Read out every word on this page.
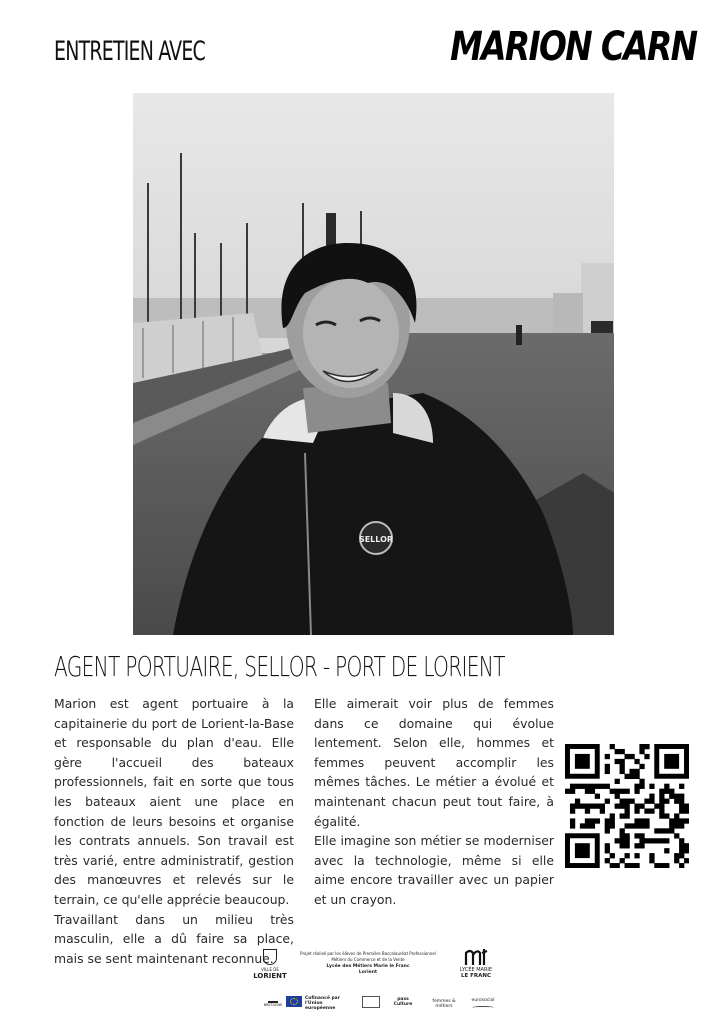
ENTRETIEN AVEC	MARION CARN
SELLOR
AGENT PORTUAIRE, SELLOR - PORT DE LORIENT

Marion est agent portuaire à la capitainerie du port de Lorient-la-Base et responsable du plan d'eau. Elle gère l'accueil des bateaux professionnels, fait en sorte que tous les bateaux aient une place en fonction de leurs besoins et organise les contrats annuels. Son travail est très varié, entre administratif, gestion des manœuvres et relevés sur le terrain, ce qu'elle apprécie beaucoup.

Travaillant dans un milieu très masculin, elle a dû faire sa place, mais se sent maintenant reconnue.

Elle aimerait voir plus de femmes dans ce domaine qui évolue lentement. Selon elle, hommes et femmes peuvent accomplir les mêmes tâches. Le métier a évolué et maintenant chacun peut tout faire, à égalité.

Elle imagine son métier se moderniser avec la technologie, même si elle aime encore travailler avec un papier et un crayon.

VILLE DE
LORIENT
Projet réalisé par les élèves de Première Baccalauréat Professionnel
Métiers du Commerce et de la Vente
Lycée des Métiers Marie le Franc
Lorient	LYCÉE MARIE
LE FRANC
BRETAGNE
Cofinancé par
l'Union européenne
pass Culture
femmes & métiers
eurosocial
